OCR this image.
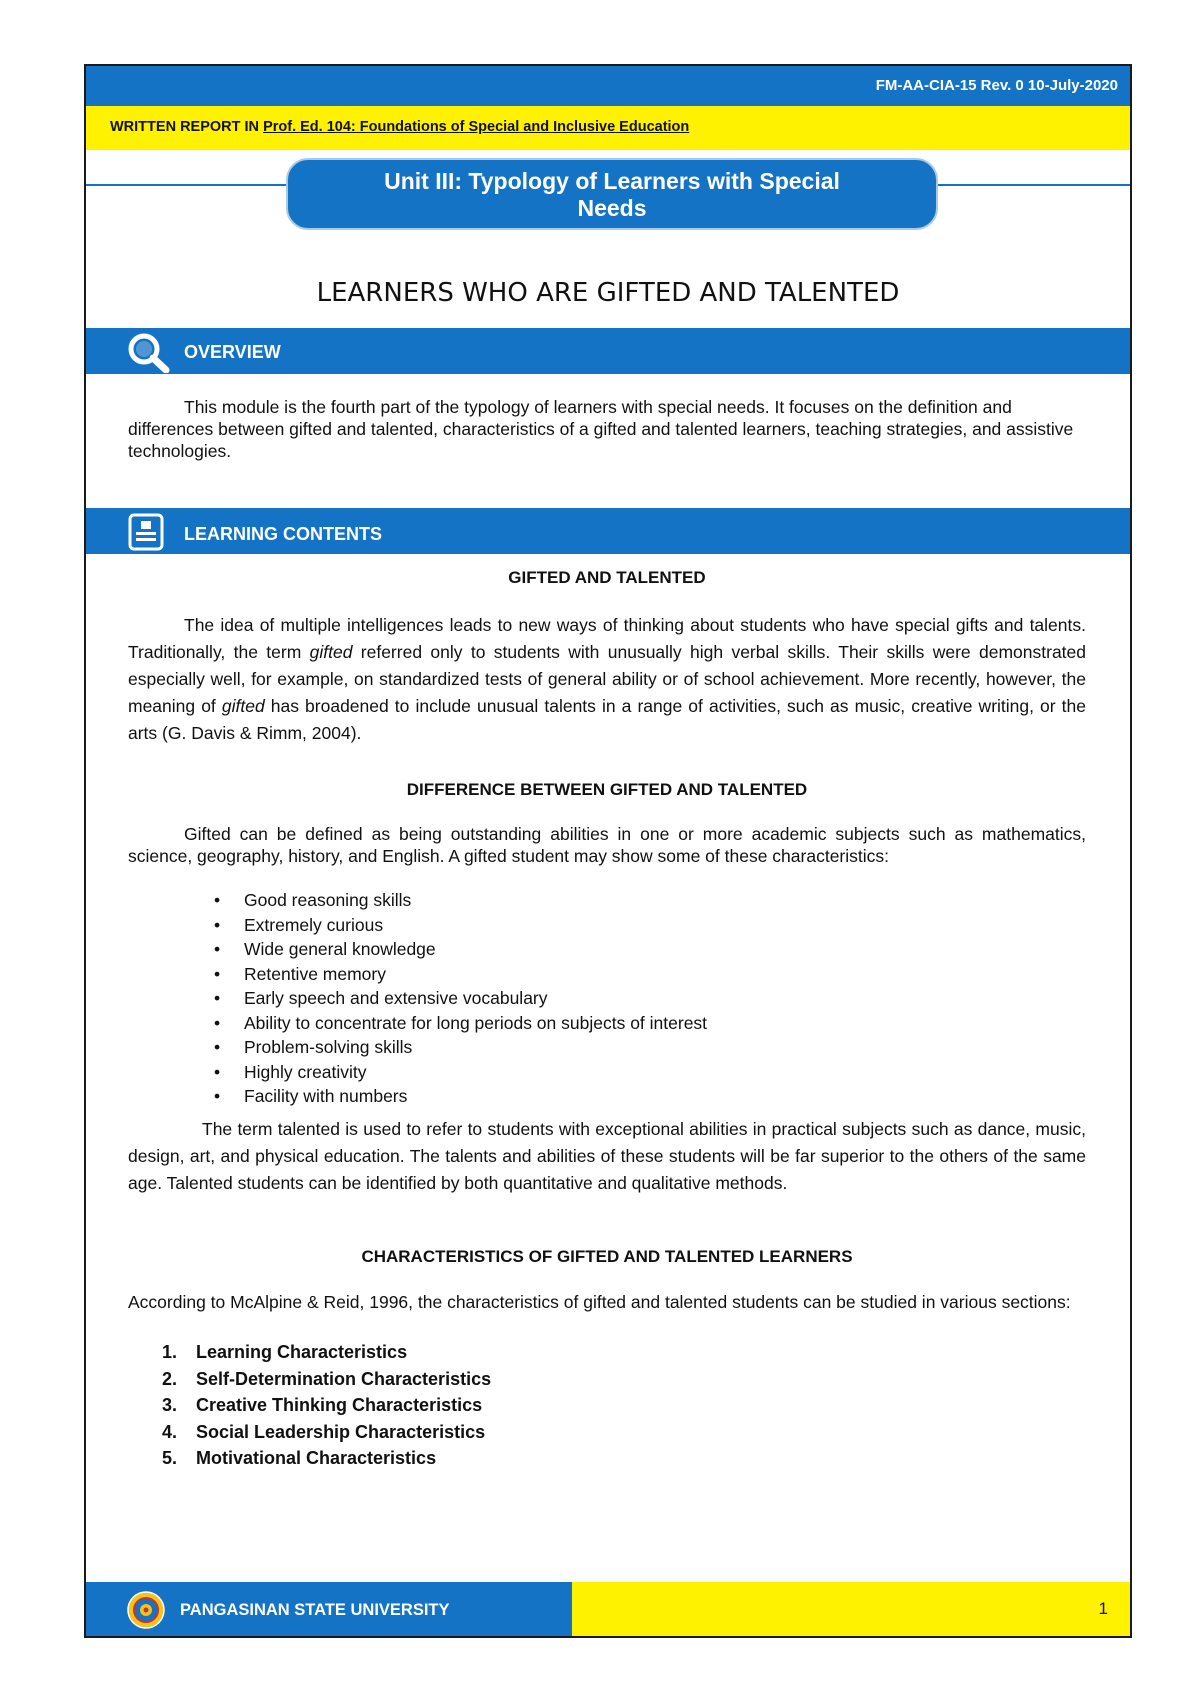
FM-AA-CIA-15 Rev. 0 10-July-2020
WRITTEN REPORT IN Prof. Ed. 104: Foundations of Special and Inclusive Education
Unit III: Typology of Learners with Special Needs
LEARNERS WHO ARE GIFTED AND TALENTED
OVERVIEW
This module is the fourth part of the typology of learners with special needs. It focuses on the definition and differences between gifted and talented, characteristics of a gifted and talented learners, teaching strategies, and assistive technologies.
LEARNING CONTENTS
GIFTED AND TALENTED
The idea of multiple intelligences leads to new ways of thinking about students who have special gifts and talents. Traditionally, the term gifted referred only to students with unusually high verbal skills. Their skills were demonstrated especially well, for example, on standardized tests of general ability or of school achievement. More recently, however, the meaning of gifted has broadened to include unusual talents in a range of activities, such as music, creative writing, or the arts (G. Davis & Rimm, 2004).
DIFFERENCE BETWEEN GIFTED AND TALENTED
Gifted can be defined as being outstanding abilities in one or more academic subjects such as mathematics, science, geography, history, and English. A gifted student may show some of these characteristics:
• Good reasoning skills
• Extremely curious
• Wide general knowledge
• Retentive memory
• Early speech and extensive vocabulary
• Ability to concentrate for long periods on subjects of interest
• Problem-solving skills
• Highly creativity
• Facility with numbers
The term talented is used to refer to students with exceptional abilities in practical subjects such as dance, music, design, art, and physical education. The talents and abilities of these students will be far superior to the others of the same age. Talented students can be identified by both quantitative and qualitative methods.
CHARACTERISTICS OF GIFTED AND TALENTED LEARNERS
According to McAlpine & Reid, 1996, the characteristics of gifted and talented students can be studied in various sections:
1. Learning Characteristics
2. Self-Determination Characteristics
3. Creative Thinking Characteristics
4. Social Leadership Characteristics
5. Motivational Characteristics
PANGASINAN STATE UNIVERSITY	1
